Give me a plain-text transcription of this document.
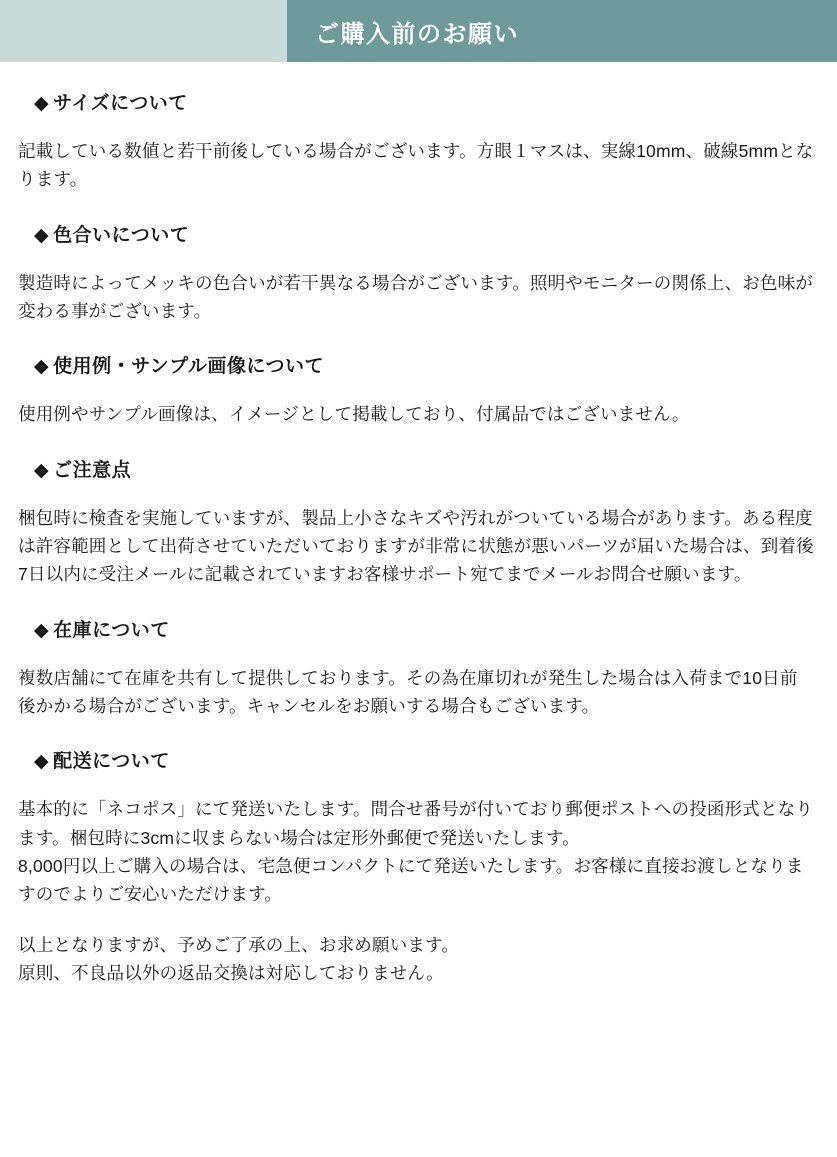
ご購入前のお願い
◆ サイズについて

記載している数値と若干前後している場合がございます。方眼１マスは、実線10mm、破線5mmとなります。

◆ 色合いについて

製造時によってメッキの色合いが若干異なる場合がございます。照明やモニターの関係上、お色味が変わる事がございます。

◆ 使用例・サンプル画像について

使用例やサンプル画像は、イメージとして掲載しており、付属品ではございません。

◆ ご注意点

梱包時に検査を実施していますが、製品上小さなキズや汚れがついている場合があります。ある程度は許容範囲として出荷させていただいておりますが非常に状態が悪いパーツが届いた場合は、到着後7日以内に受注メールに記載されていますお客様サポート宛てまでメールお問合せ願います。

◆ 在庫について

複数店舗にて在庫を共有して提供しております。その為在庫切れが発生した場合は入荷まで10日前後かかる場合がございます。キャンセルをお願いする場合もございます。

◆ 配送について

基本的に「ネコポス」にて発送いたします。問合せ番号が付いており郵便ポストへの投函形式となります。梱包時に3cmに収まらない場合は定形外郵便で発送いたします。

8,000円以上ご購入の場合は、宅急便コンパクトにて発送いたします。お客様に直接お渡しとなりますのでよりご安心いただけます。

以上となりますが、予めご了承の上、お求め願います。

原則、不良品以外の返品交換は対応しておりません。
